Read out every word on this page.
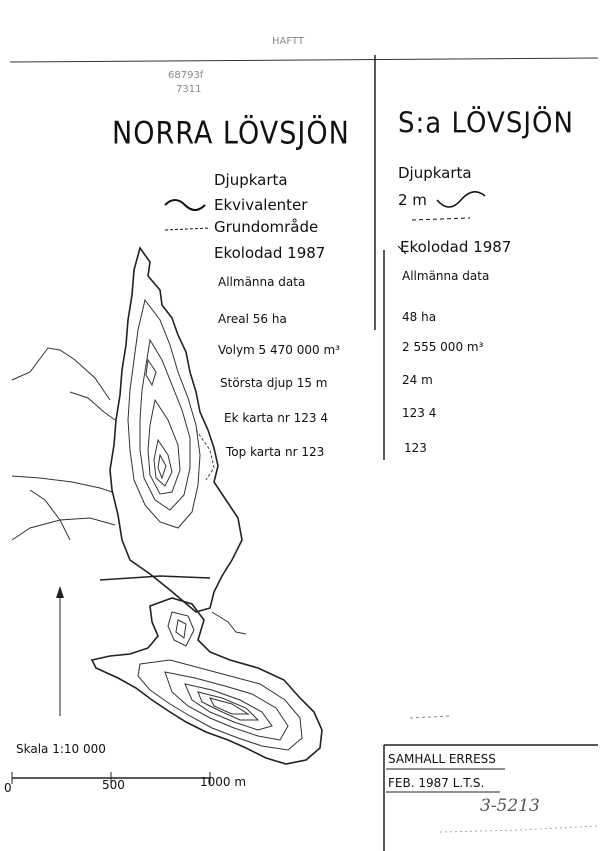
HAFTT
68793f
7311
NORRA LÖVSJÖN
Djupkarta
Ekvivalenter
Grundområde
Ekolodad 1987
Allmänna data
Areal 56 ha
Volym 5 470 000 m³
Största djup 15 m
Ek karta nr 123 4
Top karta nr 123
S:a LÖVSJÖN
Djupkarta
2 m
Ekolodad 1987
Allmänna data
48 ha
2 555 000 m³
24 m
123 4
123
Skala 1:10 000
0	500	1000 m
SAMHALL ERRESS
FEB. 1987 L.T.S.
3-5213
